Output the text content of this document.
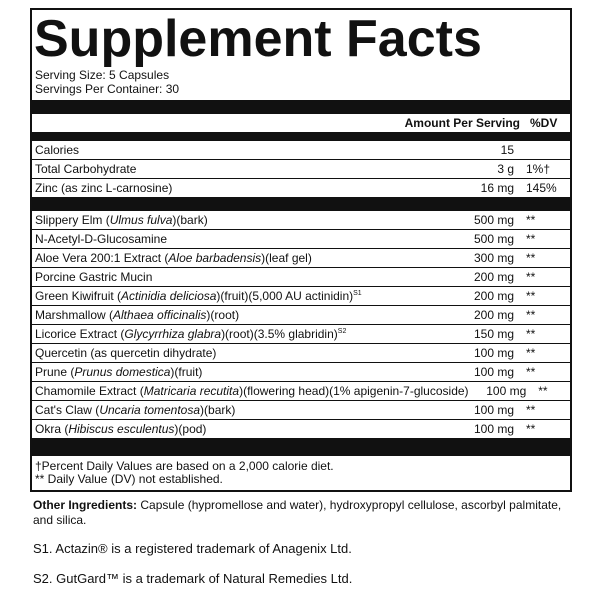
Supplement Facts
Serving Size: 5 Capsules
Servings Per Container: 30
Amount Per Serving %DV
Calories	15
Total Carbohydrate	3 g	1%†
Zinc (as zinc L-carnosine)	16 mg	145%
Slippery Elm (Ulmus fulva)(bark)	500 mg	**
N-Acetyl-D-Glucosamine	500 mg	**
Aloe Vera 200:1 Extract (Aloe barbadensis)(leaf gel)	300 mg	**
Porcine Gastric Mucin	200 mg	**
Green Kiwifruit (Actinidia deliciosa)(fruit)(5,000 AU actinidin)$^{S1}$	200 mg	**
Marshmallow (Althaea officinalis)(root)	200 mg	**
Licorice Extract (Glycyrrhiza glabra)(root)(3.5% glabridin)$^{S2}$	150 mg	**
Quercetin (as quercetin dihydrate)	100 mg	**
Prune (Prunus domestica)(fruit)	100 mg	**
Chamomile Extract (Matricaria recutita)(flowering head)(1% apigenin-7-glucoside)	100 mg	**
Cat's Claw (Uncaria tomentosa)(bark)	100 mg	**
Okra (Hibiscus esculentus)(pod)	100 mg	**
†Percent Daily Values are based on a 2,000 calorie diet.
** Daily Value (DV) not established.
Other Ingredients: Capsule (hypromellose and water), hydroxypropyl cellulose, ascorbyl palmitate, and silica.
S1. Actazin® is a registered trademark of Anagenix Ltd.
S2. GutGard™ is a trademark of Natural Remedies Ltd.
